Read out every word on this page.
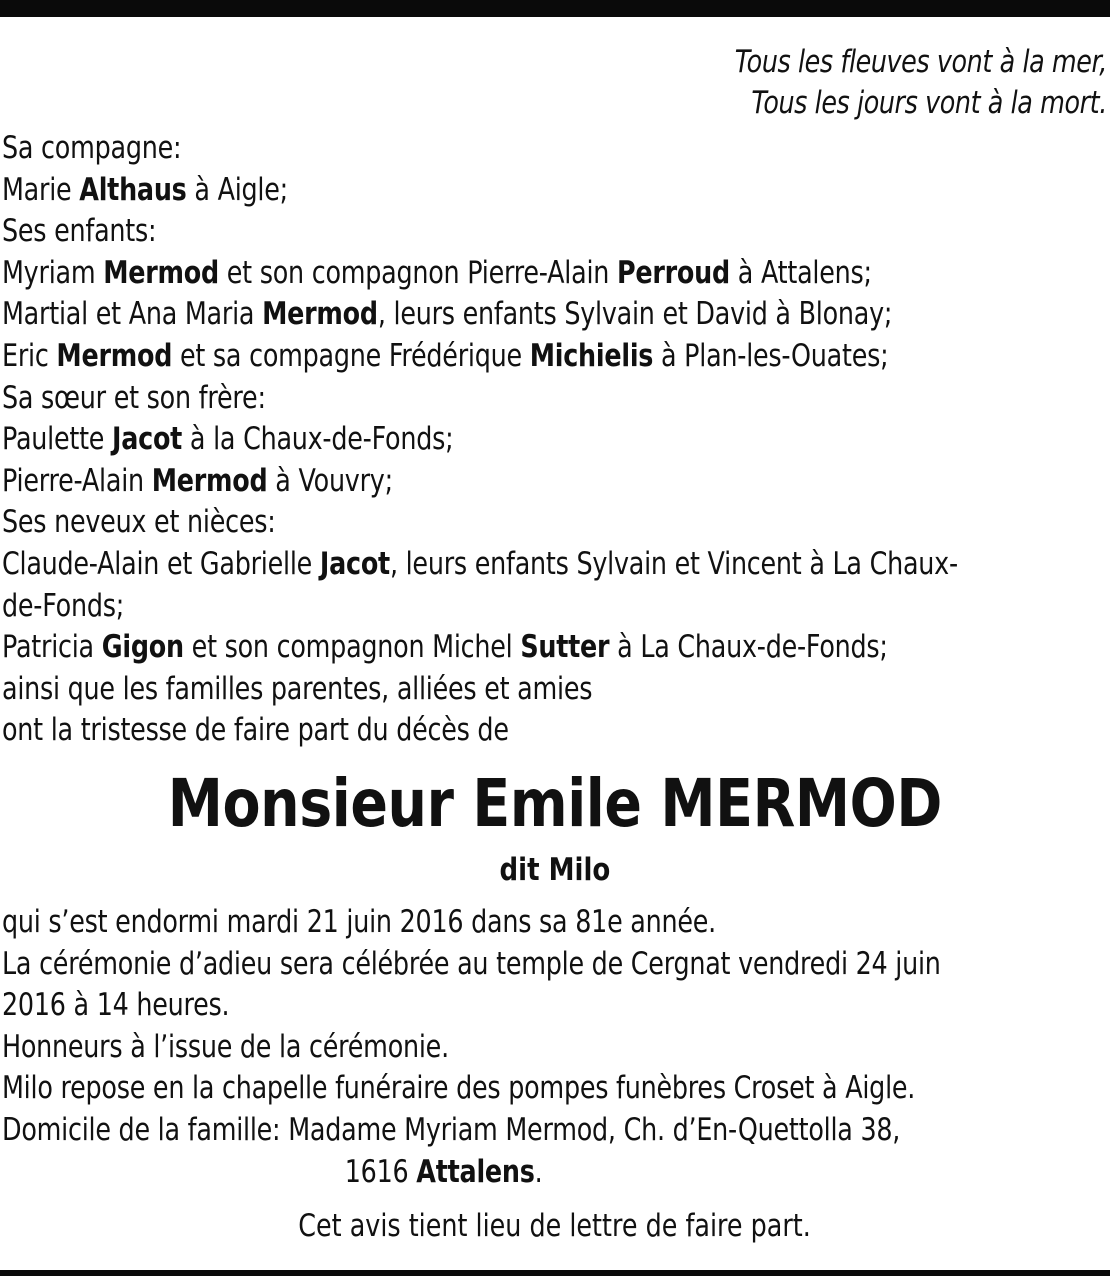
Tous les fleuves vont à la mer,
Tous les jours vont à la mort.
Sa compagne:
Marie Althaus à Aigle;
Ses enfants:
Myriam Mermod et son compagnon Pierre-Alain Perroud à Attalens;
Martial et Ana Maria Mermod, leurs enfants Sylvain et David à Blonay;
Eric Mermod et sa compagne Frédérique Michielis à Plan-les-Ouates;
Sa sœur et son frère:
Paulette Jacot à la Chaux-de-Fonds;
Pierre-Alain Mermod à Vouvry;
Ses neveux et nièces:
Claude-Alain et Gabrielle Jacot, leurs enfants Sylvain et Vincent à La Chaux-
de-Fonds;
Patricia Gigon et son compagnon Michel Sutter à La Chaux-de-Fonds;
ainsi que les familles parentes, alliées et amies
ont la tristesse de faire part du décès de
Monsieur Emile MERMOD
dit Milo
qui s’est endormi mardi 21 juin 2016 dans sa 81e année.
La cérémonie d’adieu sera célébrée au temple de Cergnat vendredi 24 juin
2016 à 14 heures.
Honneurs à l’issue de la cérémonie.
Milo repose en la chapelle funéraire des pompes funèbres Croset à Aigle.
Domicile de la famille: Madame Myriam Mermod, Ch. d’En-Quettolla 38,
1616 Attalens.
Cet avis tient lieu de lettre de faire part.
